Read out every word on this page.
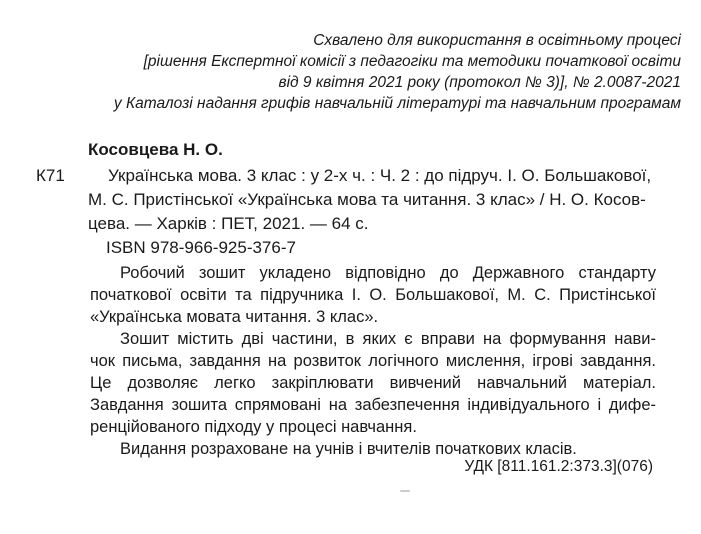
Схвалено для використання в освітньому процесі
[рішення Експертної комісії з педагогіки та методики початкової освіти
від 9 квітня 2021 року (протокол № 3)], № 2.0087-2021
у Каталозі надання грифів навчальній літературі та навчальним програмам
Косовцева Н. О.
К71	Українська мова. 3 клас : у 2-х ч. : Ч. 2 : до підруч. І. О. Большакової,
М. С. Пристінської «Українська мова та читання. 3 клас» / Н. О. Косов-
цева. — Харків : ПЕТ, 2021. — 64 с.
ISBN 978-966-925-376-7
Робочий зошит укладено відповідно до Державного стандарту
початкової освіти та підручника І. О. Большакової, М. С. Пристінської
«Українська мовата читання. 3 клас».
Зошит містить дві частини, в яких є вправи на формування нави-
чок письма, завдання на розвиток логічного мислення, ігрові завдання.
Це дозволяє легко закріплювати вивчений навчальний матеріал.
Завдання зошита спрямовані на забезпечення індивідуального і дифе-
ренційованого підходу у процесі навчання.
Видання розраховане на учнів і вчителів початкових класів.
УДК [811.161.2:373.3](076)
